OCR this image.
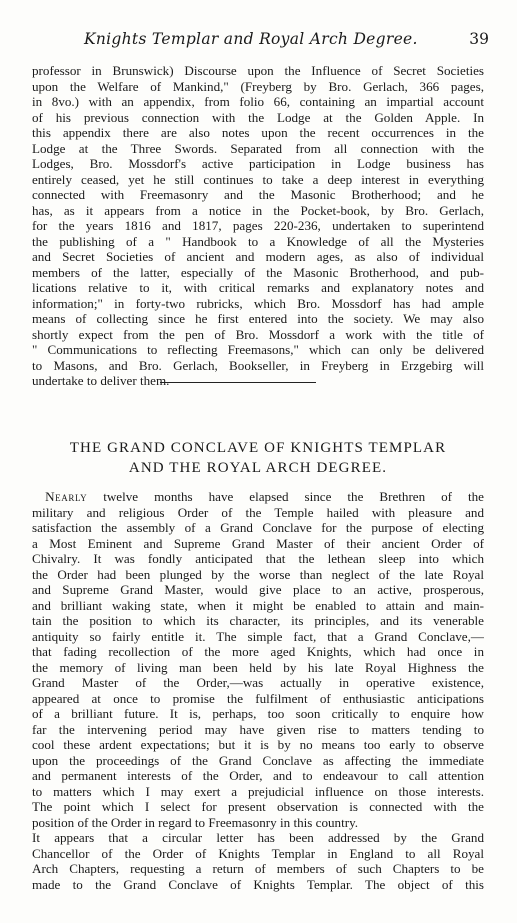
Knights Templar and Royal Arch Degree.	39
professor in Brunswick) Discourse upon the Influence of Secret Societies
upon the Welfare of Mankind," (Freyberg by Bro. Gerlach, 366 pages,
in 8vo.) with an appendix, from folio 66, containing an impartial account
of his previous connection with the Lodge at the Golden Apple. In
this appendix there are also notes upon the recent occurrences in the
Lodge at the Three Swords. Separated from all connection with the
Lodges, Bro. Mossdorf's active participation in Lodge business has
entirely ceased, yet he still continues to take a deep interest in everything
connected with Freemasonry and the Masonic Brotherhood; and he
has, as it appears from a notice in the Pocket-book, by Bro. Gerlach,
for the years 1816 and 1817, pages 220-236, undertaken to superintend
the publishing of a " Handbook to a Knowledge of all the Mysteries
and Secret Societies of ancient and modern ages, as also of individual
members of the latter, especially of the Masonic Brotherhood, and pub-
lications relative to it, with critical remarks and explanatory notes and
information;" in forty-two rubricks, which Bro. Mossdorf has had ample
means of collecting since he first entered into the society. We may also
shortly expect from the pen of Bro. Mossdorf a work with the title of
" Communications to reflecting Freemasons," which can only be delivered
to Masons, and Bro. Gerlach, Bookseller, in Freyberg in Erzgebirg will
undertake to deliver them.
THE GRAND CONCLAVE OF KNIGHTS TEMPLAR
AND THE ROYAL ARCH DEGREE.
 Nearly twelve months have elapsed since the Brethren of the
military and religious Order of the Temple hailed with pleasure and
satisfaction the assembly of a Grand Conclave for the purpose of electing
a Most Eminent and Supreme Grand Master of their ancient Order of
Chivalry. It was fondly anticipated that the lethean sleep into which
the Order had been plunged by the worse than neglect of the late Royal
and Supreme Grand Master, would give place to an active, prosperous,
and brilliant waking state, when it might be enabled to attain and main-
tain the position to which its character, its principles, and its venerable
antiquity so fairly entitle it. The simple fact, that a Grand Conclave,—
that fading recollection of the more aged Knights, which had once in
the memory of living man been held by his late Royal Highness the
Grand Master of the Order,—was actually in operative existence,
appeared at once to promise the fulfilment of enthusiastic anticipations
of a brilliant future. It is, perhaps, too soon critically to enquire how
far the intervening period may have given rise to matters tending to
cool these ardent expectations; but it is by no means too early to observe
upon the proceedings of the Grand Conclave as affecting the immediate
and permanent interests of the Order, and to endeavour to call attention
to matters which I may exert a prejudicial influence on those interests.
The point which I select for present observation is connected with the
position of the Order in regard to Freemasonry in this country.
It appears that a circular letter has been addressed by the Grand
Chancellor of the Order of Knights Templar in England to all Royal
Arch Chapters, requesting a return of members of such Chapters to be
made to the Grand Conclave of Knights Templar. The object of this
